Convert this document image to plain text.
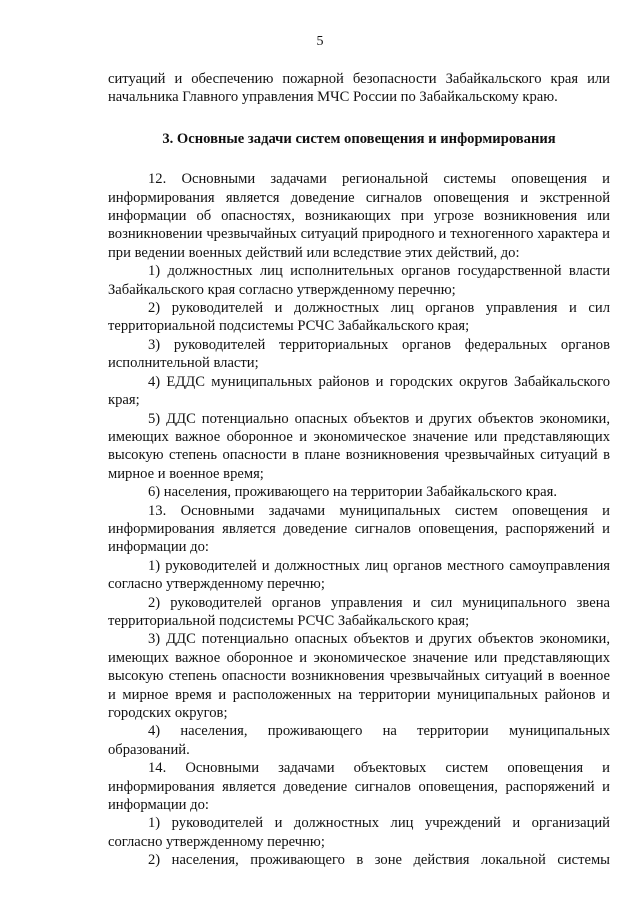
5

ситуаций и обеспечению пожарной безопасности Забайкальского края или начальника Главного управления МЧС России по Забайкальскому краю.

3. Основные задачи систем оповещения и информирования

12. Основными задачами региональной системы оповещения и информирования является доведение сигналов оповещения и экстренной информации об опасностях, возникающих при угрозе возникновения или возникновении чрезвычайных ситуаций природного и техногенного характера и при ведении военных действий или вследствие этих действий, до:

1) должностных лиц исполнительных органов государственной власти Забайкальского края согласно утвержденному перечню;

2) руководителей и должностных лиц органов управления и сил территориальной подсистемы РСЧС Забайкальского края;

3) руководителей территориальных органов федеральных органов исполнительной власти;

4) ЕДДС муниципальных районов и городских округов Забайкальского края;

5) ДДС потенциально опасных объектов и других объектов экономики, имеющих важное оборонное и экономическое значение или представляющих высокую степень опасности в плане возникновения чрезвычайных ситуаций в мирное и военное время;

6) населения, проживающего на территории Забайкальского края.

13. Основными задачами муниципальных систем оповещения и информирования является доведение сигналов оповещения, распоряжений и информации до:

1) руководителей и должностных лиц органов местного самоуправления согласно утвержденному перечню;

2) руководителей органов управления и сил муниципального звена территориальной подсистемы РСЧС Забайкальского края;

3) ДДС потенциально опасных объектов и других объектов экономики, имеющих важное оборонное и экономическое значение или представляющих высокую степень опасности возникновения чрезвычайных ситуаций в военное и мирное время и расположенных на территории муниципальных районов и городских округов;

4) населения, проживающего на территории муниципальных образований.

14. Основными задачами объектовых систем оповещения и информирования является доведение сигналов оповещения, распоряжений и информации до:

1) руководителей и должностных лиц учреждений и организаций согласно утвержденному перечню;

2) населения, проживающего в зоне действия локальной системы
